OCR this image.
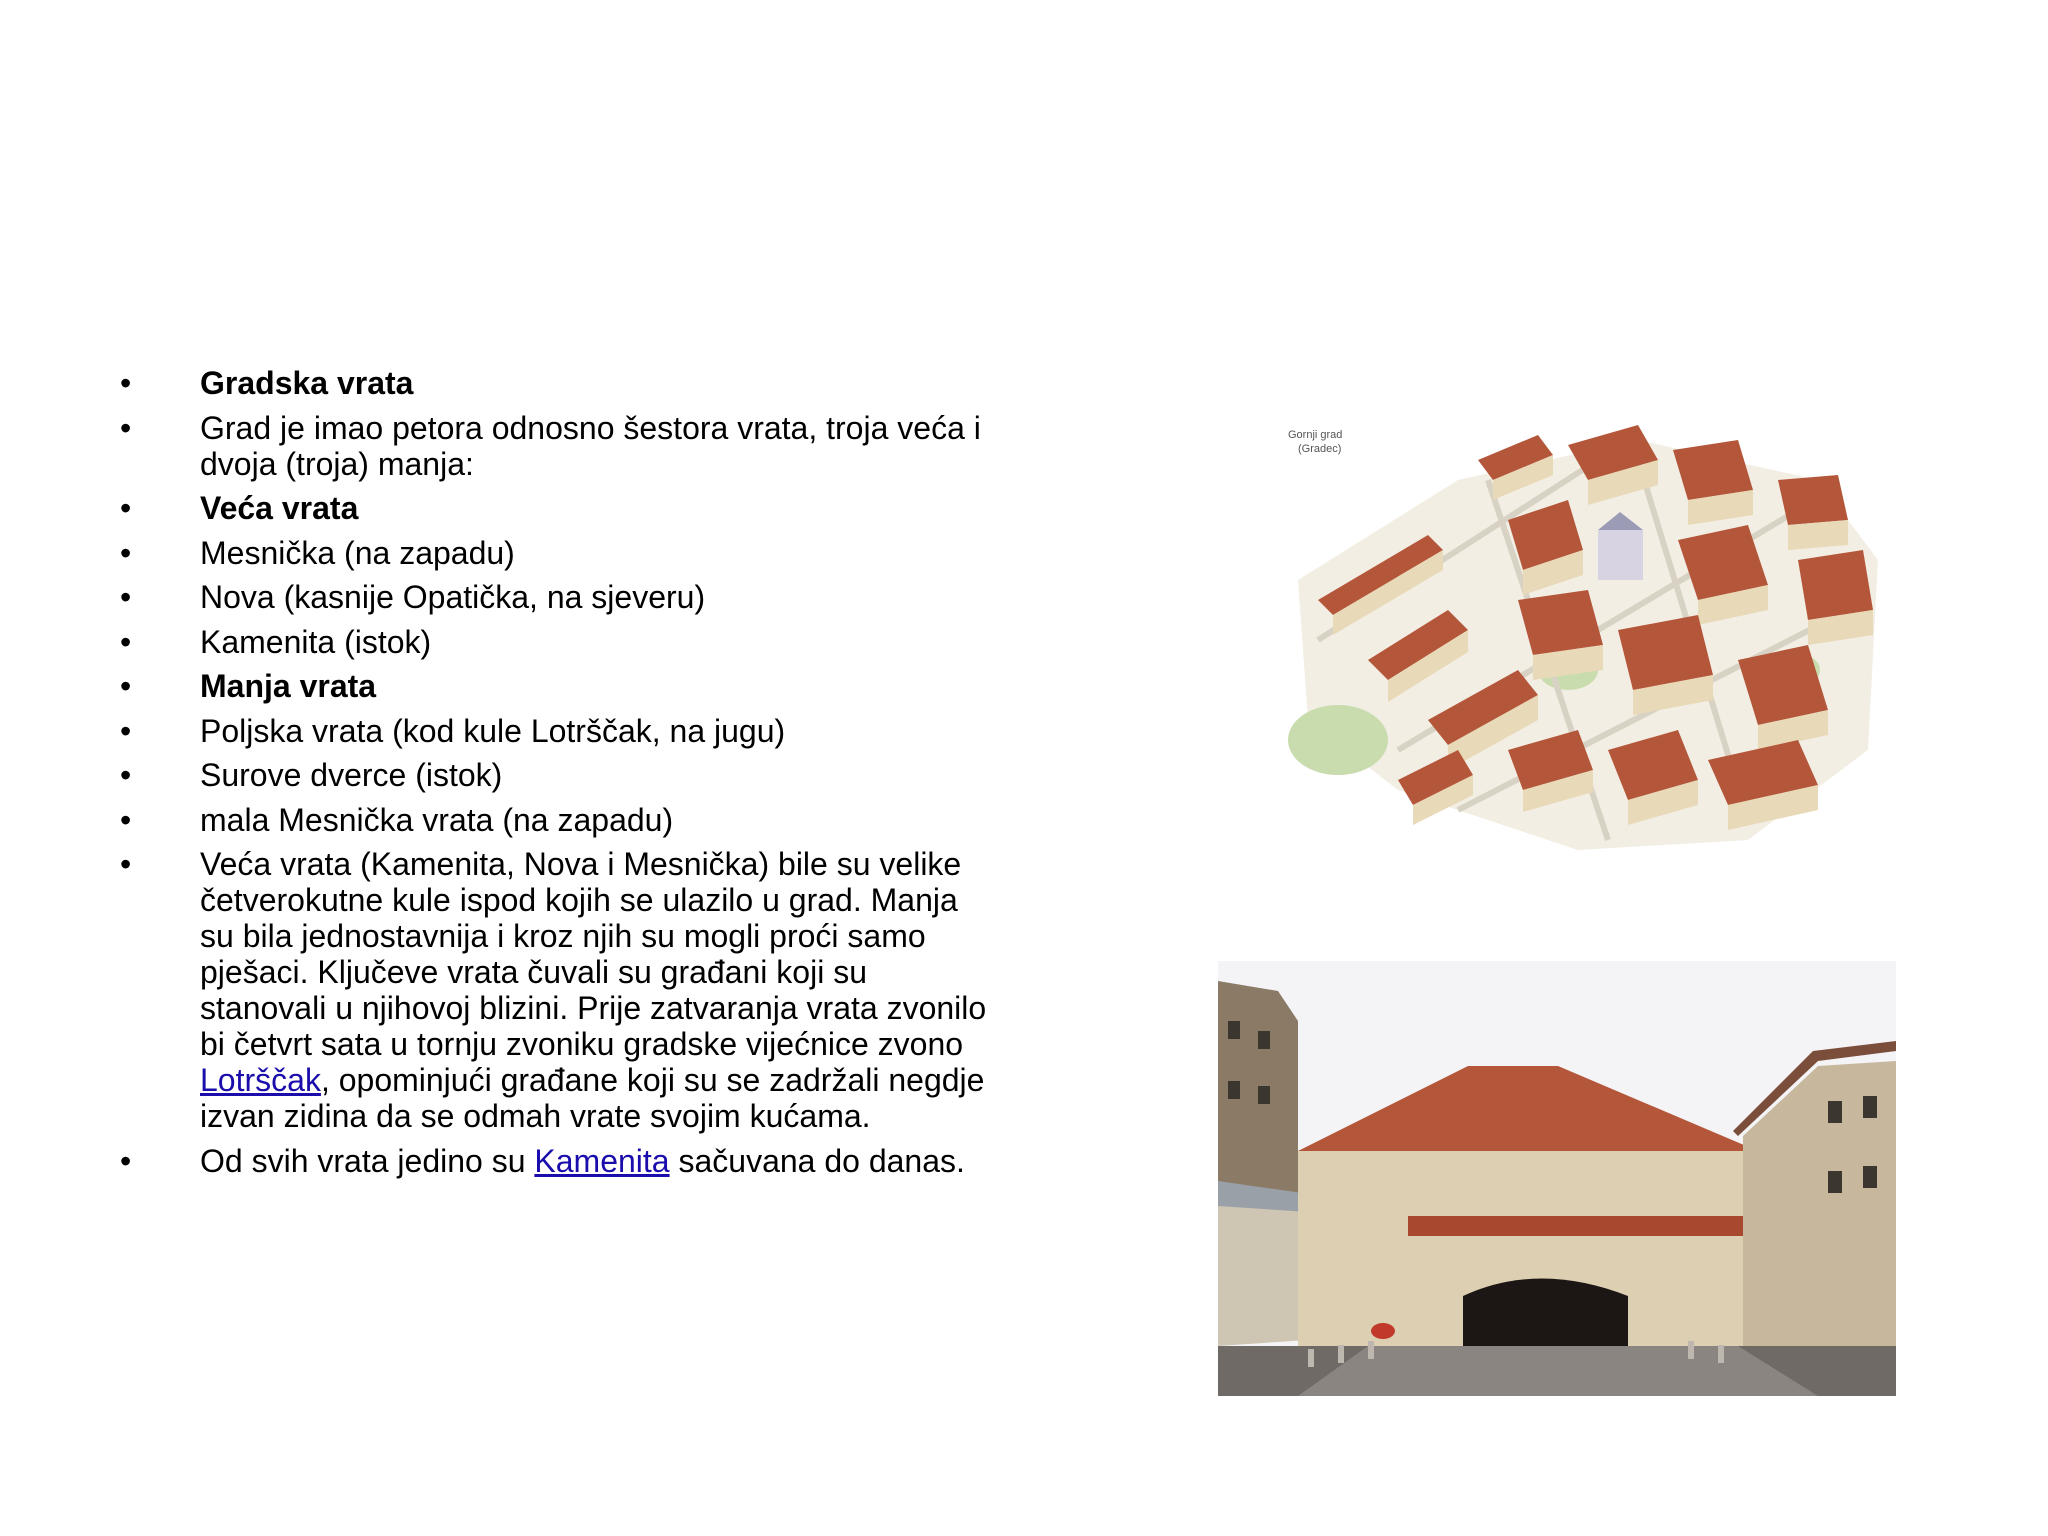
• Gradska vrata
• Grad je imao petora odnosno šestora vrata, troja veća i dvoja (troja) manja:
• Veća vrata
• Mesnička (na zapadu)
• Nova (kasnije Opatička, na sjeveru)
• Kamenita (istok)
• Manja vrata
• Poljska vrata (kod kule Lotrščak, na jugu)
• Surove dverce (istok)
• mala Mesnička vrata (na zapadu)
• Veća vrata (Kamenita, Nova i Mesnička) bile su velike četverokutne kule ispod kojih se ulazilo u grad. Manja su bila jednostavnija i kroz njih su mogli proći samo pješaci. Ključeve vrata čuvali su građani koji su stanovali u njihovoj blizini. Prije zatvaranja vrata zvonilo bi četvrt sata u tornju zvoniku gradske vijećnice zvono Lotrščak, opominjući građane koji su se zadržali negdje izvan zidina da se odmah vrate svojim kućama.
• Od svih vrata jedino su Kamenita sačuvana do danas.
Gornji grad
(Gradec)
